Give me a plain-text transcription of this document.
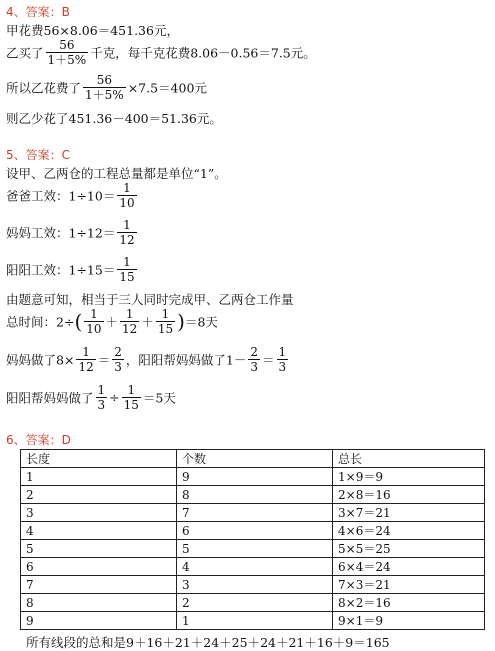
4、答案：B
甲花费56×8.06＝451.36元，
乙买了 $\frac{56}{1+5\%}$ 千克，每千克花费8.06－0.56＝7.5元。
所以乙花费了 $\frac{56}{1+5\%} \times 7.5=400$元
则乙少花了451.36－400＝51.36元。
5、答案：C
设甲、乙两仓的工程总量都是单位“1”。
爸爸工效：$1\div 10= \frac{1}{10}$
妈妈工效：$1\div 12= \frac{1}{12}$
阳阳工效：$1\div 15= \frac{1}{15}$
由题意可知，相当于三人同时完成甲、乙两仓工作量
总时间：$2\div( \frac{1}{10} + \frac{1}{12} + \frac{1}{15} )=8$天
妈妈做了$8\times \frac{1}{12} = \frac{2}{3}$ ，阳阳帮妈妈做了$1- \frac{2}{3} = \frac{1}{3}$
阳阳帮妈妈做了 $\frac{1}{3} \div \frac{1}{15} =5$天
6、答案：D
长度	个数	总长
1	9	1×9＝9
2	8	2×8＝16
3	7	3×7＝21
4	6	4×6＝24
5	5	5×5＝25
6	4	6×4＝24
7	3	7×3＝21
8	2	8×2＝16
9	1	9×1＝9
所有线段的总和是9＋16＋21＋24＋25＋24＋21＋16＋9＝165
